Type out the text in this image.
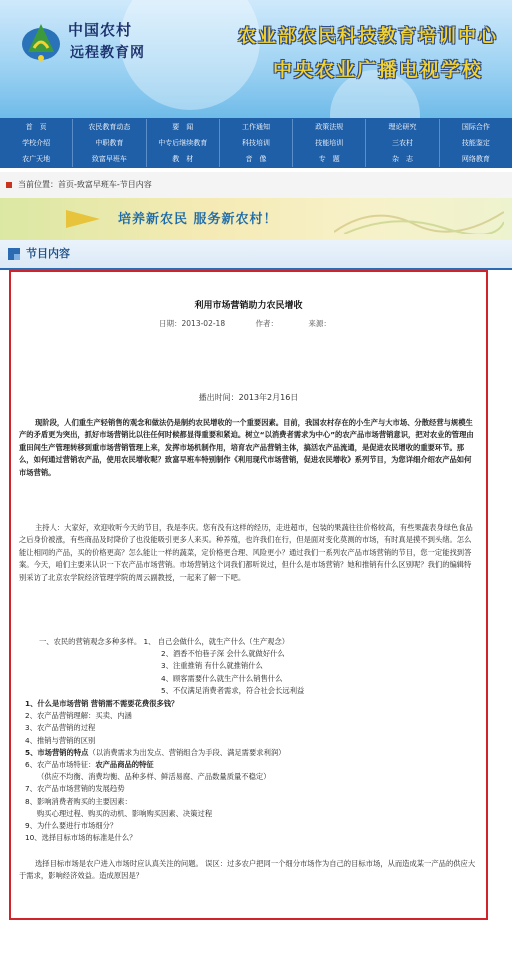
中国农村
远程教育网
农业部农民科技教育培训中心
中央农业广播电视学校
首　页	农民教育动态	要　闻	工作通知	政策法规	理论研究	国际合作
学校介绍	中职教育	中专后继续教育	科技培训	技能培训	三农村	技能鉴定
农广天地	致富早班车	教　材	音　像	专　题	杂　志	网络教育
当前位置：首页-致富早班车-节目内容
培养新农民 服务新农村！
节目内容
利用市场营销助力农民增收
日期：2013-02-18	作者：	来源：
播出时间：2013年2月16日
现阶段，人们重生产轻销售的观念和做法仍是制约农民增收的一个重要因素。目前，我国农村存在的小生产与大市场、分散经营与规模生产的矛盾更为突出，抓好市场营销比以往任何时候都显得重要和紧迫。树立“以消费者需求为中心”的农产品市场营销意识，把对农业的管理由重田间生产管理转移到重市场营销管理上来，发挥市场机制作用，培育农产品营销主体，搞活农产品流通，是促进农民增收的重要环节。那么，如何通过营销农产品，使用农民增收呢？致富早班车特别制作《利用现代市场营销，促进农民增收》系列节目，为您详细介绍农产品如何市场营销。
主持人：大家好，欢迎收听今天的节目，我是李庆。您有没有这样的经历，走进超市，包装的果蔬往往价格较高，有些果蔬表身绿色食品之后身价被涨，有些商品及时降价了也没能吸引更多人来买。种养殖，也许我们在行，但是面对变化莫测的市场，有时真是摸不到头绪。怎么能让相同的产品，买的价格更高？怎么能让一样的蔬菜，定价格更合理、风险更小？通过我们一系列农产品市场营销的节目，您一定能找到答案。今天，咱们主要来认识一下农产品市场营销。市场营销这个词我们都听说过，但什么是市场营销？她和推销有什么区别呢？我们的编辑特别采访了北京农学院经济管理学院的周云副教授，一起来了解一下吧。
一、农民的营销观念多种多样。 1、 自己会做什么，就生产什么（生产观念）
2、酒香不怕巷子深 会什么就做好什么
3、注重推销 有什么就推销什么
4、顾客需要什么就生产什么销售什么
5、不仅满足消费者需求，符合社会长远利益
1、什么是市场营销 营销需不需要花费很多钱？
2、农产品营销理解：买卖、内涵
3、农产品营销的过程
4、推销与营销的区别
5、市场营销的特点（以消费需求为出发点、营销组合为手段、满足需要求利润）
6、农产品市场特征：农产品商品的特征
（供应不均衡、消费均衡、品种多样、鲜活易腐、产品数量质量不稳定）
7、农产品市场营销的发展趋势
8、影响消费者购买的主要因素：
购买心理过程、购买的动机、影响购买因素、决策过程
9、为什么要进行市场细分？
10、选择目标市场的标准是什么？
选择目标市场是农户进入市场时应认真关注的问题。 误区：过多农户把同一个细分市场作为自己的目标市场，从而造成某一产品的供应大于需求，影响经济效益。造成原因是？
